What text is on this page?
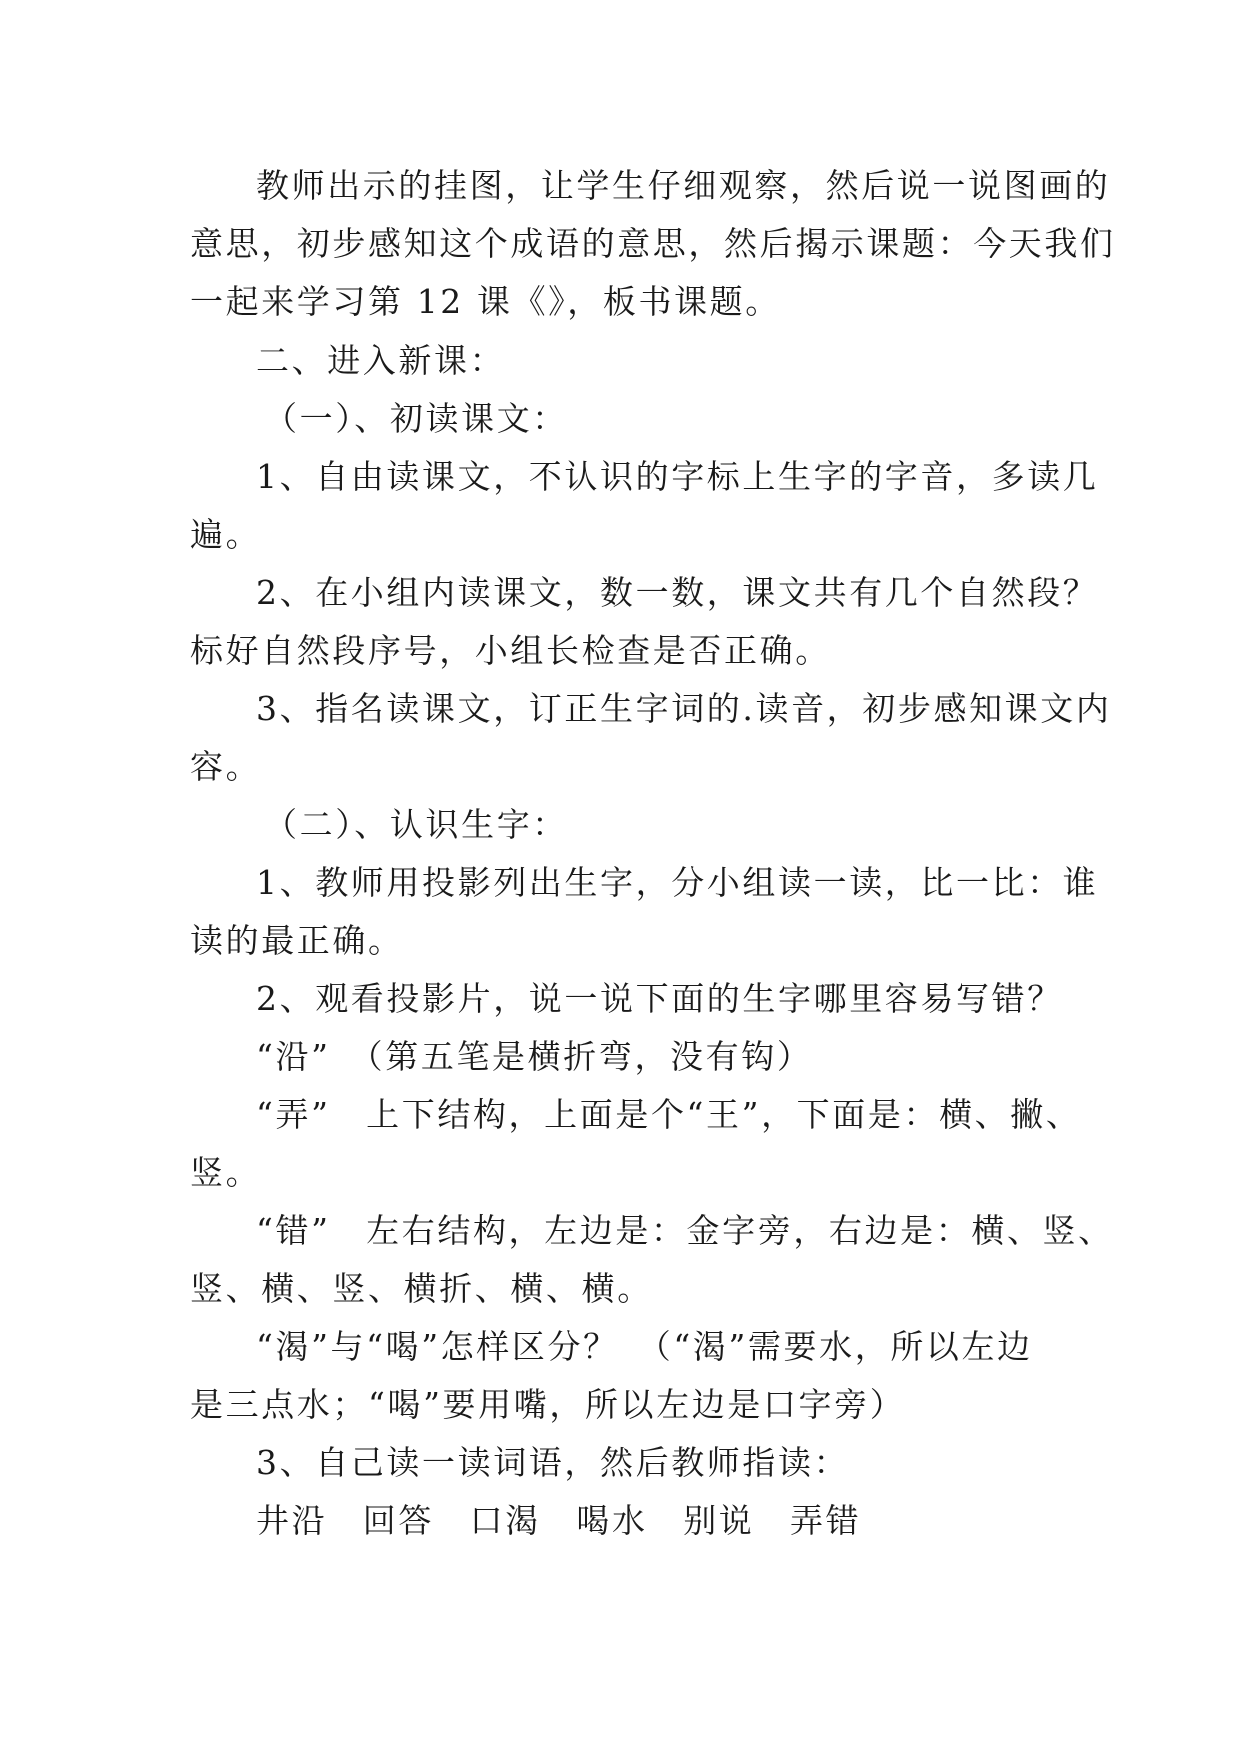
教师出示的挂图，让学生仔细观察，然后说一说图画的
意思，初步感知这个成语的意思，然后揭示课题：今天我们
一起来学习第 12 课《》，板书课题。
二、进入新课：
（一）、初读课文：
1、自由读课文，不认识的字标上生字的字音，多读几
遍。
2、在小组内读课文，数一数，课文共有几个自然段？
标好自然段序号，小组长检查是否正确。
3、指名读课文，订正生字词的.读音，初步感知课文内
容。
（二）、认识生字：
1、教师用投影列出生字，分小组读一读，比一比：谁
读的最正确。
2、观看投影片，说一说下面的生字哪里容易写错？
“沿”　（第五笔是横折弯，没有钩）
“弄”　上下结构，上面是个“王”，下面是：横、撇、
竖。
“错”　左右结构，左边是：金字旁，右边是：横、竖、
竖、横、竖、横折、横、横。
“渴”与“喝”怎样区分？　（“渴”需要水，所以左边
是三点水；“喝”要用嘴，所以左边是口字旁）
3、自己读一读词语，然后教师指读：
井沿　回答　口渴　喝水　别说　弄错
